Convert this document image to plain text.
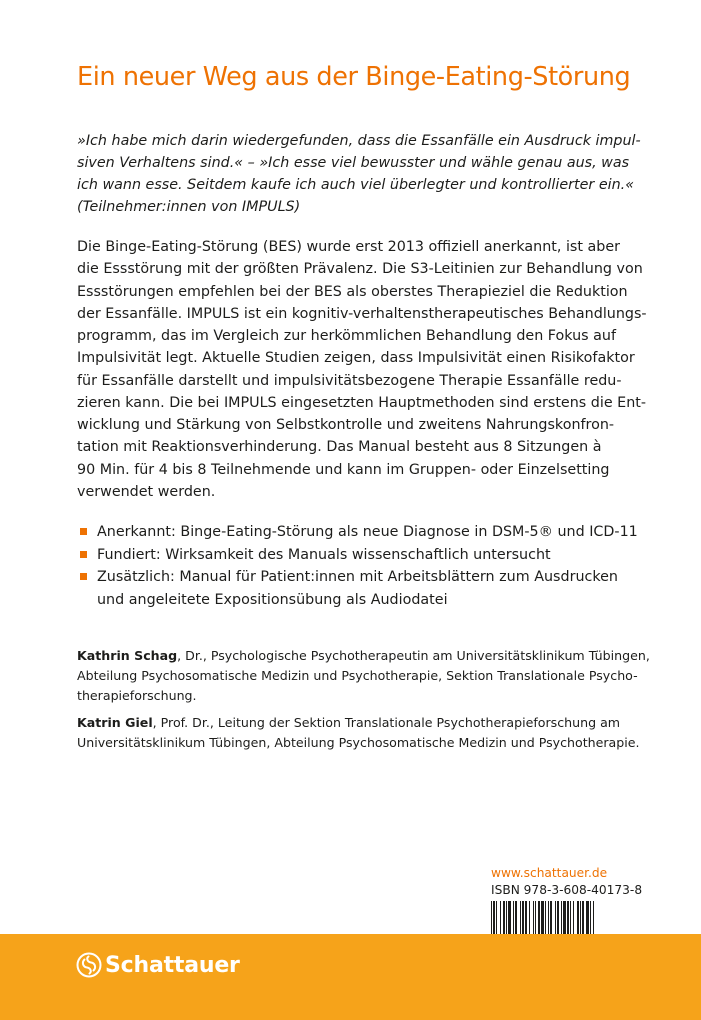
Ein neuer Weg aus der Binge-Eating-Störung
»Ich habe mich darin wiedergefunden, dass die Essanfälle ein Ausdruck impul-
siven Verhaltens sind.« – »Ich esse viel bewusster und wähle genau aus, was
ich wann esse. Seitdem kaufe ich auch viel überlegter und kontrollierter ein.«
(Teilnehmer:innen von IMPULS)
Die Binge-Eating-Störung (BES) wurde erst 2013 offiziell anerkannt, ist aber
die Essstörung mit der größten Prävalenz. Die S3-Leitinien zur Behandlung von
Essstörungen empfehlen bei der BES als oberstes Therapieziel die Reduktion
der Essanfälle. IMPULS ist ein kognitiv-verhaltenstherapeutisches Behandlungs-
programm, das im Vergleich zur herkömmlichen Behandlung den Fokus auf
Impulsivität legt. Aktuelle Studien zeigen, dass Impulsivität einen Risikofaktor
für Essanfälle darstellt und impulsivitätsbezogene Therapie Essanfälle redu-
zieren kann. Die bei IMPULS eingesetzten Hauptmethoden sind erstens die Ent-
wicklung und Stärkung von Selbstkontrolle und zweitens Nahrungskonfron-
tation mit Reaktionsverhinderung. Das Manual besteht aus 8 Sitzungen à
90 Min. für 4 bis 8 Teilnehmende und kann im Gruppen- oder Einzelsetting
verwendet werden.
Anerkannt: Binge-Eating-Störung als neue Diagnose in DSM-5® und ICD-11
Fundiert: Wirksamkeit des Manuals wissenschaftlich untersucht
Zusätzlich: Manual für Patient:innen mit Arbeitsblättern zum Ausdrucken
und angeleitete Expositionsübung als Audiodatei
Kathrin Schag, Dr., Psychologische Psychotherapeutin am Universitätsklinikum Tübingen,
Abteilung Psychosomatische Medizin und Psychotherapie, Sektion Translationale Psycho-
therapieforschung.
Katrin Giel, Prof. Dr., Leitung der Sektion Translationale Psychotherapieforschung am
Universitätsklinikum Tübingen, Abteilung Psychosomatische Medizin und Psychotherapie.
www.schattauer.de
ISBN 978-3-608-40173-8
Schattauer
